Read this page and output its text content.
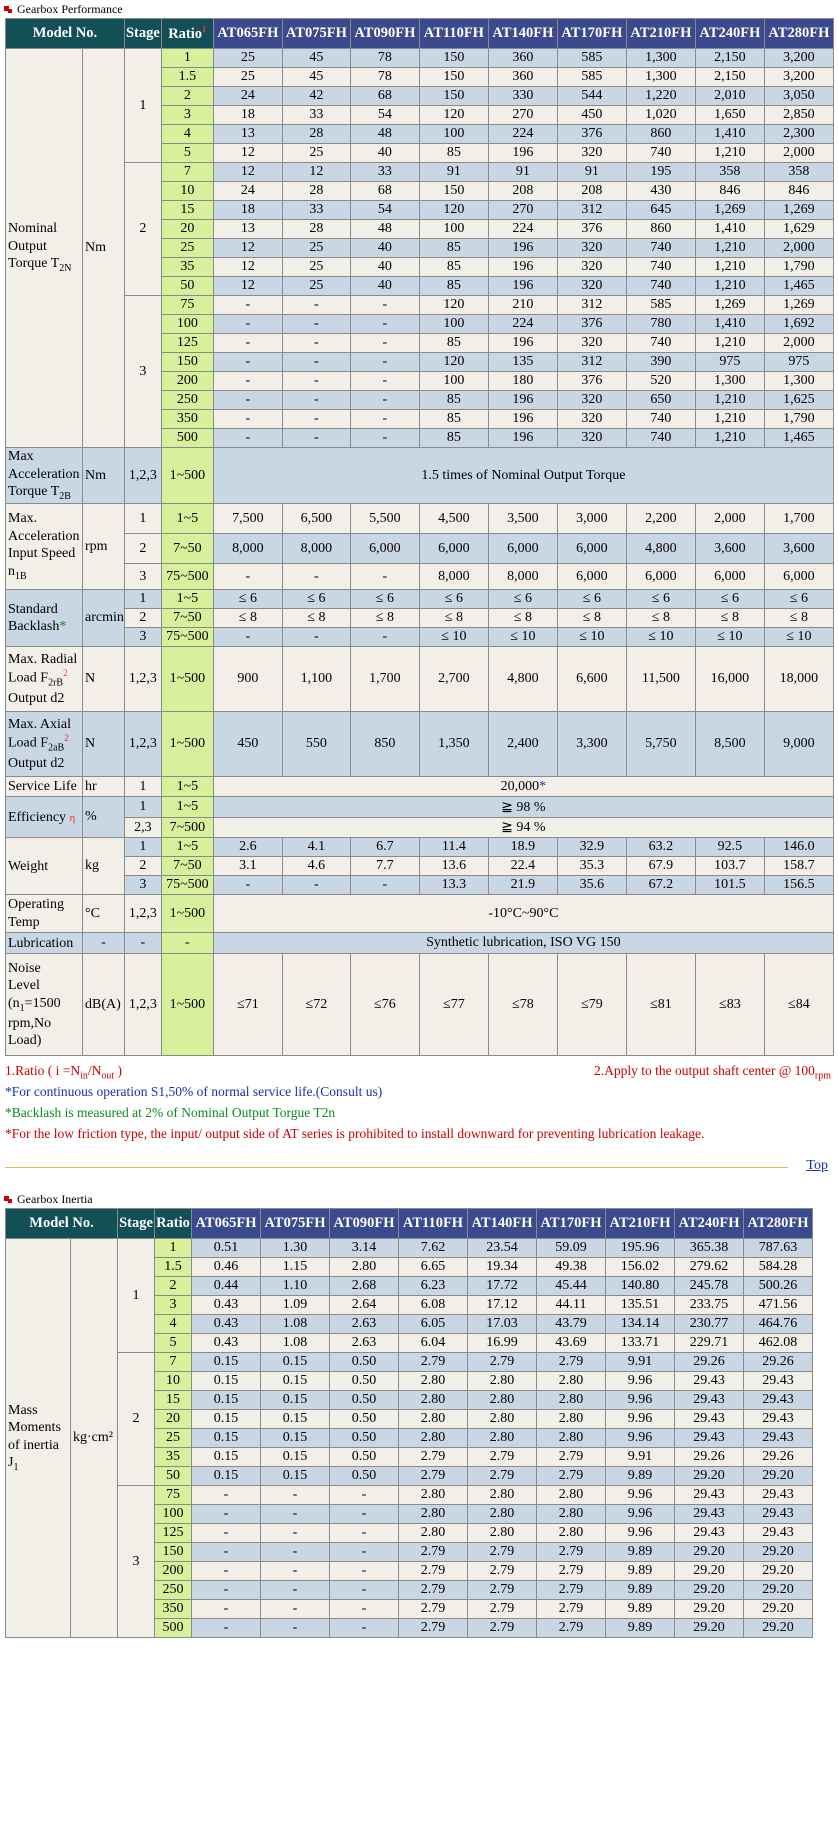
Gearbox Performance
Model No.		Stage	Ratio$^1$	AT065FH	AT075FH	AT090FH	AT110FH	AT140FH	AT170FH	AT210FH	AT240FH	AT280FH
Nominal
Output
Torque $T_{2N}$	Nm	1	1	25	45	78	150	360	585	1,300	2,150	3,200
			1.5	25	45	78	150	360	585	1,300	2,150	3,200
			2	24	42	68	150	330	544	1,220	2,010	3,050
			3	18	33	54	120	270	450	1,020	1,650	2,850
			4	13	28	48	100	224	376	860	1,410	2,300
			5	12	25	40	85	196	320	740	1,210	2,000
		2	7	12	12	33	91	91	91	195	358	358
			10	24	28	68	150	208	208	430	846	846
			15	18	33	54	120	270	312	645	1,269	1,269
			20	13	28	48	100	224	376	860	1,410	1,629
			25	12	25	40	85	196	320	740	1,210	2,000
			35	12	25	40	85	196	320	740	1,210	1,790
			50	12	25	40	85	196	320	740	1,210	1,465
		3	75	-	-	-	120	210	312	585	1,269	1,269
			100	-	-	-	100	224	376	780	1,410	1,692
			125	-	-	-	85	196	320	740	1,210	2,000
			150	-	-	-	120	135	312	390	975	975
			200	-	-	-	100	180	376	520	1,300	1,300
			250	-	-	-	85	196	320	650	1,210	1,625
			350	-	-	-	85	196	320	740	1,210	1,790
			500	-	-	-	85	196	320	740	1,210	1,465
Max
Acceleration
Torque $T_{2B}$	Nm	1,2,3	1~500	1.5 times of Nominal Output Torque								
Max.
Acceleration
Input Speed
$n_{1B}$	rpm	1	1~5	7,500	6,500	5,500	4,500	3,500	3,000	2,200	2,000	1,700
		2	7~50	8,000	8,000	6,000	6,000	6,000	6,000	4,800	3,600	3,600
		3	75~500	-	-	-	8,000	8,000	6,000	6,000	6,000	6,000
Standard
Backlash*	arcmin	1	1~5	≤ 6	≤ 6	≤ 6	≤ 6	≤ 6	≤ 6	≤ 6	≤ 6	≤ 6
		2	7~50	≤ 8	≤ 8	≤ 8	≤ 8	≤ 8	≤ 8	≤ 8	≤ 8	≤ 8
		3	75~500	-	-	-	≤ 10	≤ 10	≤ 10	≤ 10	≤ 10	≤ 10
Max. Radial
Load $F_{2rB}^2$
Output d2	N	1,2,3	1~500	900	1,100	1,700	2,700	4,800	6,600	11,500	16,000	18,000
Max. Axial
Load $F_{2aB}^2$
Output d2	N	1,2,3	1~500	450	550	850	1,350	2,400	3,300	5,750	8,500	9,000
Service Life	hr	1	1~5	20,000*								
Efficiency η	%	1	1~5	≧ 98 %								
		2,3	7~500	≧ 94 %								
Weight	kg	1	1~5	2.6	4.1	6.7	11.4	18.9	32.9	63.2	92.5	146.0
		2	7~50	3.1	4.6	7.7	13.6	22.4	35.3	67.9	103.7	158.7
		3	75~500	-	-	-	13.3	21.9	35.6	67.2	101.5	156.5
Operating
Temp	°C	1,2,3	1~500	-10°C~90°C								
Lubrication	-	-	-	Synthetic lubrication, ISO VG 150								
Noise
Level
($n_1=1500$
rpm,No
Load)	dB(A)	1,2,3	1~500	≤71	≤72	≤76	≤77	≤78	≤79	≤81	≤83	≤84
1.Ratio ( $i =N_{in}/N_{out}$ )	2.Apply to the output shaft center @ $100_{rpm}$
*For continuous operation S1,50% of normal service life.(Consult us)
*Backlash is measured at 2% of Nominal Output Torgue T2n
*For the low friction type, the input/ output side of AT series is prohibited to install downward for preventing lubrication leakage.
Top
Gearbox Inertia
Model No.		Stage	Ratio	AT065FH	AT075FH	AT090FH	AT110FH	AT140FH	AT170FH	AT210FH	AT240FH	AT280FH
Mass
Moments
of inertia
$J_1$	kg·cm²	1	1	0.51	1.30	3.14	7.62	23.54	59.09	195.96	365.38	787.63
			1.5	0.46	1.15	2.80	6.65	19.34	49.38	156.02	279.62	584.28
			2	0.44	1.10	2.68	6.23	17.72	45.44	140.80	245.78	500.26
			3	0.43	1.09	2.64	6.08	17.12	44.11	135.51	233.75	471.56
			4	0.43	1.08	2.63	6.05	17.03	43.79	134.14	230.77	464.76
			5	0.43	1.08	2.63	6.04	16.99	43.69	133.71	229.71	462.08
		2	7	0.15	0.15	0.50	2.79	2.79	2.79	9.91	29.26	29.26
			10	0.15	0.15	0.50	2.80	2.80	2.80	9.96	29.43	29.43
			15	0.15	0.15	0.50	2.80	2.80	2.80	9.96	29.43	29.43
			20	0.15	0.15	0.50	2.80	2.80	2.80	9.96	29.43	29.43
			25	0.15	0.15	0.50	2.80	2.80	2.80	9.96	29.43	29.43
			35	0.15	0.15	0.50	2.79	2.79	2.79	9.91	29.26	29.26
			50	0.15	0.15	0.50	2.79	2.79	2.79	9.89	29.20	29.20
		3	75	-	-	-	2.80	2.80	2.80	9.96	29.43	29.43
			100	-	-	-	2.80	2.80	2.80	9.96	29.43	29.43
			125	-	-	-	2.80	2.80	2.80	9.96	29.43	29.43
			150	-	-	-	2.79	2.79	2.79	9.89	29.20	29.20
			200	-	-	-	2.79	2.79	2.79	9.89	29.20	29.20
			250	-	-	-	2.79	2.79	2.79	9.89	29.20	29.20
			350	-	-	-	2.79	2.79	2.79	9.89	29.20	29.20
			500	-	-	-	2.79	2.79	2.79	9.89	29.20	29.20
